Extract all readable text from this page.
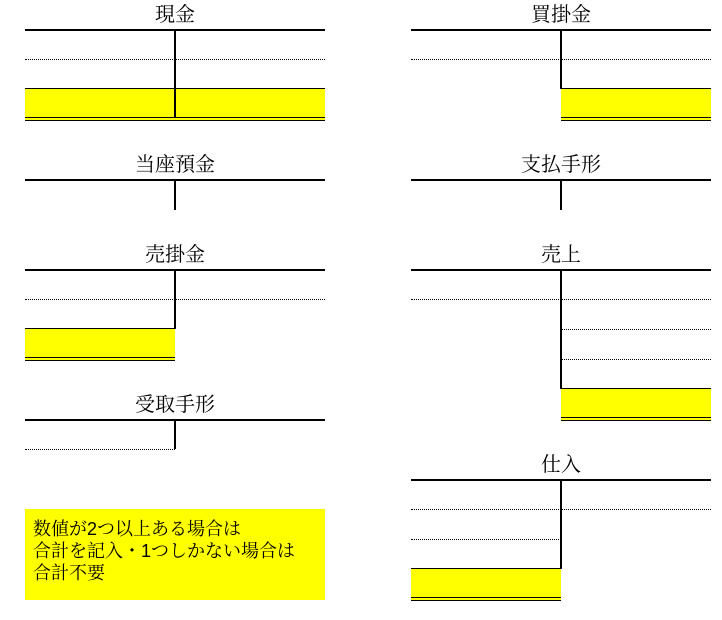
現金	買掛金
当座預金	支払手形
売掛金	売上
受取手形
仕入
数値が2つ以上ある場合は
合計を記入・1つしかない場合は
合計不要
